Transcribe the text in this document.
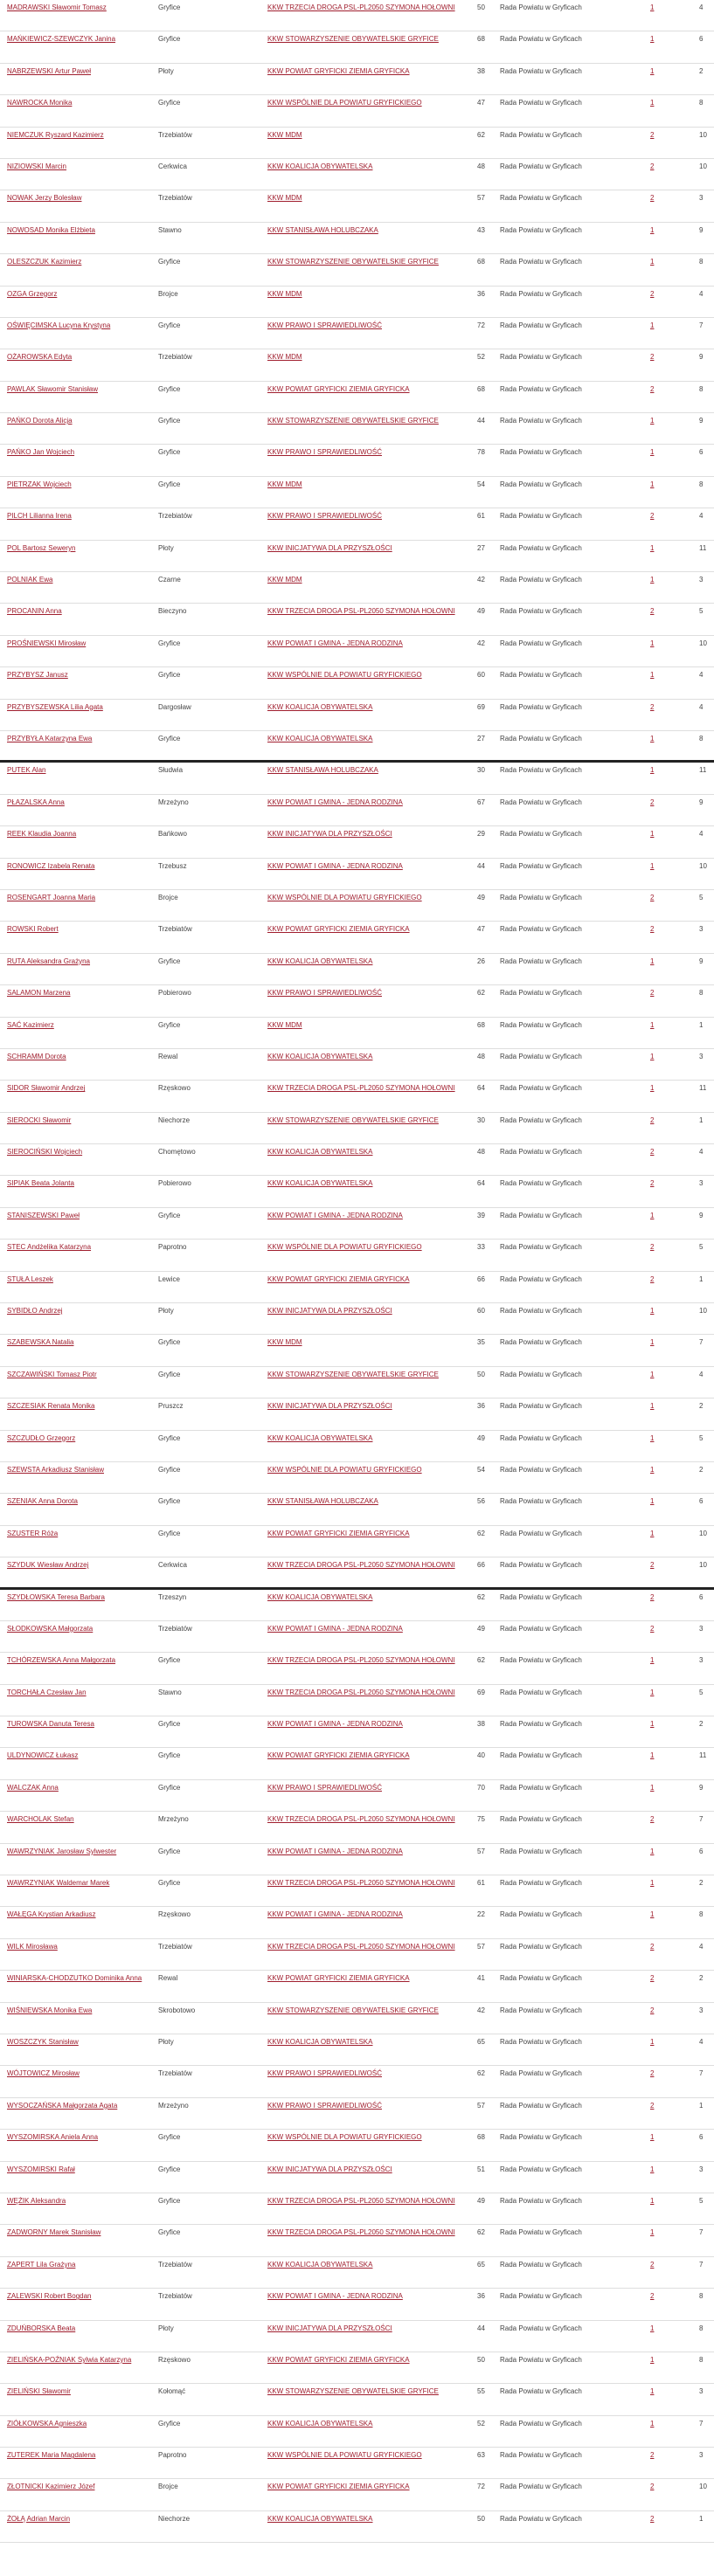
MADRAWSKI Sławomir Tomasz	Gryfice	KKW TRZECIA DROGA PSL-PL2050 SZYMONA HOŁOWNI	50	Rada Powiatu w Gryficach	1	4
MAŃKIEWICZ-SZEWCZYK Janina	Gryfice	KKW STOWARZYSZENIE OBYWATELSKIE GRYFICE	68	Rada Powiatu w Gryficach	1	6
NABRZEWSKI Artur Paweł	Płoty	KKW POWIAT GRYFICKI ZIEMIA GRYFICKA	38	Rada Powiatu w Gryficach	1	2
NAWROCKA Monika	Gryfice	KKW WSPÓLNIE DLA POWIATU GRYFICKIEGO	47	Rada Powiatu w Gryficach	1	8
NIEMCZUK Ryszard Kazimierz	Trzebiatów	KKW MDM	62	Rada Powiatu w Gryficach	2	10
NIZIOWSKI Marcin	Cerkwica	KKW KOALICJA OBYWATELSKA	48	Rada Powiatu w Gryficach	2	10
NOWAK Jerzy Bolesław	Trzebiatów	KKW MDM	57	Rada Powiatu w Gryficach	2	3
NOWOSAD Monika Elżbieta	Stawno	KKW STANISŁAWA HOLUBCZAKA	43	Rada Powiatu w Gryficach	1	9
OLESZCZUK Kazimierz	Gryfice	KKW STOWARZYSZENIE OBYWATELSKIE GRYFICE	68	Rada Powiatu w Gryficach	1	8
OZGA Grzegorz	Brojce	KKW MDM	36	Rada Powiatu w Gryficach	2	4
OŚWIĘCIMSKA Lucyna Krystyna	Gryfice	KKW PRAWO I SPRAWIEDLIWOŚĆ	72	Rada Powiatu w Gryficach	1	7
OŻAROWSKA Edyta	Trzebiatów	KKW MDM	52	Rada Powiatu w Gryficach	2	9
PAWLAK Sławomir Stanisław	Gryfice	KKW POWIAT GRYFICKI ZIEMIA GRYFICKA	68	Rada Powiatu w Gryficach	2	8
PAŃKO Dorota Alicja	Gryfice	KKW STOWARZYSZENIE OBYWATELSKIE GRYFICE	44	Rada Powiatu w Gryficach	1	9
PAŃKO Jan Wojciech	Gryfice	KKW PRAWO I SPRAWIEDLIWOŚĆ	78	Rada Powiatu w Gryficach	1	6
PIETRZAK Wojciech	Gryfice	KKW MDM	54	Rada Powiatu w Gryficach	1	8
PILCH Lilianna Irena	Trzebiatów	KKW PRAWO I SPRAWIEDLIWOŚĆ	61	Rada Powiatu w Gryficach	2	4
POL Bartosz Seweryn	Płoty	KKW INICJATYWA DLA PRZYSZŁOŚCI	27	Rada Powiatu w Gryficach	1	11
POLNIAK Ewa	Czarne	KKW MDM	42	Rada Powiatu w Gryficach	1	3
PROCANIN Anna	Bieczyno	KKW TRZECIA DROGA PSL-PL2050 SZYMONA HOŁOWNI	49	Rada Powiatu w Gryficach	2	5
PROŚNIEWSKI Mirosław	Gryfice	KKW POWIAT I GMINA - JEDNA RODZINA	42	Rada Powiatu w Gryficach	1	10
PRZYBYSZ Janusz	Gryfice	KKW WSPÓLNIE DLA POWIATU GRYFICKIEGO	60	Rada Powiatu w Gryficach	1	4
PRZYBYSZEWSKA Lilia Agata	Dargosław	KKW KOALICJA OBYWATELSKA	69	Rada Powiatu w Gryficach	2	4
PRZYBYŁA Katarzyna Ewa	Gryfice	KKW KOALICJA OBYWATELSKA	27	Rada Powiatu w Gryficach	1	8
PUTEK Alan	Słudwia	KKW STANISŁAWA HOLUBCZAKA	30	Rada Powiatu w Gryficach	1	11
PŁAZALSKA Anna	Mrzeżyno	KKW POWIAT I GMINA - JEDNA RODZINA	67	Rada Powiatu w Gryficach	2	9
REEK Klaudia Joanna	Bańkowo	KKW INICJATYWA DLA PRZYSZŁOŚCI	29	Rada Powiatu w Gryficach	1	4
RONOWICZ Izabela Renata	Trzebusz	KKW POWIAT I GMINA - JEDNA RODZINA	44	Rada Powiatu w Gryficach	1	10
ROSENGART Joanna Maria	Brojce	KKW WSPÓLNIE DLA POWIATU GRYFICKIEGO	49	Rada Powiatu w Gryficach	2	5
ROWSKI Robert	Trzebiatów	KKW POWIAT GRYFICKI ZIEMIA GRYFICKA	47	Rada Powiatu w Gryficach	2	3
RUTA Aleksandra Grażyna	Gryfice	KKW KOALICJA OBYWATELSKA	26	Rada Powiatu w Gryficach	1	9
SALAMON Marzena	Pobierowo	KKW PRAWO I SPRAWIEDLIWOŚĆ	62	Rada Powiatu w Gryficach	2	8
SAĆ Kazimierz	Gryfice	KKW MDM	68	Rada Powiatu w Gryficach	1	1
SCHRAMM Dorota	Rewal	KKW KOALICJA OBYWATELSKA	48	Rada Powiatu w Gryficach	1	3
SIDOR Sławomir Andrzej	Rzęskowo	KKW TRZECIA DROGA PSL-PL2050 SZYMONA HOŁOWNI	64	Rada Powiatu w Gryficach	1	11
SIEROCKI Sławomir	Niechorze	KKW STOWARZYSZENIE OBYWATELSKIE GRYFICE	30	Rada Powiatu w Gryficach	2	1
SIEROCIŃSKI Wojciech	Chomętowo	KKW KOALICJA OBYWATELSKA	48	Rada Powiatu w Gryficach	2	4
SIPIAK Beata Jolanta	Pobierowo	KKW KOALICJA OBYWATELSKA	64	Rada Powiatu w Gryficach	2	3
STANISZEWSKI Paweł	Gryfice	KKW POWIAT I GMINA - JEDNA RODZINA	39	Rada Powiatu w Gryficach	1	9
STEC Andżelika Katarzyna	Paprotno	KKW WSPÓLNIE DLA POWIATU GRYFICKIEGO	33	Rada Powiatu w Gryficach	2	5
STUŁA Leszek	Lewice	KKW POWIAT GRYFICKI ZIEMIA GRYFICKA	66	Rada Powiatu w Gryficach	2	1
SYBIDŁO Andrzej	Płoty	KKW INICJATYWA DLA PRZYSZŁOŚCI	60	Rada Powiatu w Gryficach	1	10
SZABEWSKA Natalia	Gryfice	KKW MDM	35	Rada Powiatu w Gryficach	1	7
SZCZAWIŃSKI Tomasz Piotr	Gryfice	KKW STOWARZYSZENIE OBYWATELSKIE GRYFICE	50	Rada Powiatu w Gryficach	1	4
SZCZESIAK Renata Monika	Pruszcz	KKW INICJATYWA DLA PRZYSZŁOŚCI	36	Rada Powiatu w Gryficach	1	2
SZCZUDŁO Grzegorz	Gryfice	KKW KOALICJA OBYWATELSKA	49	Rada Powiatu w Gryficach	1	5
SZEWSTA Arkadiusz Stanisław	Gryfice	KKW WSPÓLNIE DLA POWIATU GRYFICKIEGO	54	Rada Powiatu w Gryficach	1	2
SZENIAK Anna Dorota	Gryfice	KKW STANISŁAWA HOLUBCZAKA	56	Rada Powiatu w Gryficach	1	6
SZUSTER Róża	Gryfice	KKW POWIAT GRYFICKI ZIEMIA GRYFICKA	62	Rada Powiatu w Gryficach	1	10
SZYDUK Wiesław Andrzej	Cerkwica	KKW TRZECIA DROGA PSL-PL2050 SZYMONA HOŁOWNI	66	Rada Powiatu w Gryficach	2	10
SZYDŁOWSKA Teresa Barbara	Trzeszyn	KKW KOALICJA OBYWATELSKA	62	Rada Powiatu w Gryficach	2	6
SŁODKOWSKA Małgorzata	Trzebiatów	KKW POWIAT I GMINA - JEDNA RODZINA	49	Rada Powiatu w Gryficach	2	3
TCHÓRZEWSKA Anna Małgorzata	Gryfice	KKW TRZECIA DROGA PSL-PL2050 SZYMONA HOŁOWNI	62	Rada Powiatu w Gryficach	1	3
TORCHAŁA Czesław Jan	Stawno	KKW TRZECIA DROGA PSL-PL2050 SZYMONA HOŁOWNI	69	Rada Powiatu w Gryficach	1	5
TUROWSKA Danuta Teresa	Gryfice	KKW POWIAT I GMINA - JEDNA RODZINA	38	Rada Powiatu w Gryficach	1	2
ULDYNOWICZ Łukasz	Gryfice	KKW POWIAT GRYFICKI ZIEMIA GRYFICKA	40	Rada Powiatu w Gryficach	1	11
WALCZAK Anna	Gryfice	KKW PRAWO I SPRAWIEDLIWOŚĆ	70	Rada Powiatu w Gryficach	1	9
WARCHOLAK Stefan	Mrzeżyno	KKW TRZECIA DROGA PSL-PL2050 SZYMONA HOŁOWNI	75	Rada Powiatu w Gryficach	2	7
WAWRZYNIAK Jarosław Sylwester	Gryfice	KKW POWIAT I GMINA - JEDNA RODZINA	57	Rada Powiatu w Gryficach	1	6
WAWRZYNIAK Waldemar Marek	Gryfice	KKW TRZECIA DROGA PSL-PL2050 SZYMONA HOŁOWNI	61	Rada Powiatu w Gryficach	1	2
WAŁĘGA Krystian Arkadiusz	Rzęskowo	KKW POWIAT I GMINA - JEDNA RODZINA	22	Rada Powiatu w Gryficach	1	8
WILK Mirosława	Trzebiatów	KKW TRZECIA DROGA PSL-PL2050 SZYMONA HOŁOWNI	57	Rada Powiatu w Gryficach	2	4
WINIARSKA-CHODZUTKO Dominika Anna	Rewal	KKW POWIAT GRYFICKI ZIEMIA GRYFICKA	41	Rada Powiatu w Gryficach	2	2
WIŚNIEWSKA Monika Ewa	Skrobotowo	KKW STOWARZYSZENIE OBYWATELSKIE GRYFICE	42	Rada Powiatu w Gryficach	2	3
WOSZCZYK Stanisław	Płoty	KKW KOALICJA OBYWATELSKA	65	Rada Powiatu w Gryficach	1	4
WÓJTOWICZ Mirosław	Trzebiatów	KKW PRAWO I SPRAWIEDLIWOŚĆ	62	Rada Powiatu w Gryficach	2	7
WYSOCZAŃSKA Małgorzata Agata	Mrzeżyno	KKW PRAWO I SPRAWIEDLIWOŚĆ	57	Rada Powiatu w Gryficach	2	1
WYSZOMIRSKA Aniela Anna	Gryfice	KKW WSPÓLNIE DLA POWIATU GRYFICKIEGO	68	Rada Powiatu w Gryficach	1	6
WYSZOMIRSKI Rafał	Gryfice	KKW INICJATYWA DLA PRZYSZŁOŚCI	51	Rada Powiatu w Gryficach	1	3
WĘŻIK Aleksandra	Gryfice	KKW TRZECIA DROGA PSL-PL2050 SZYMONA HOŁOWNI	49	Rada Powiatu w Gryficach	1	5
ZADWORNY Marek Stanisław	Gryfice	KKW TRZECIA DROGA PSL-PL2050 SZYMONA HOŁOWNI	62	Rada Powiatu w Gryficach	1	7
ZAPERT Lila Grażyna	Trzebiatów	KKW KOALICJA OBYWATELSKA	65	Rada Powiatu w Gryficach	2	7
ZALEWSKI Robert Bogdan	Trzebiatów	KKW POWIAT I GMINA - JEDNA RODZINA	36	Rada Powiatu w Gryficach	2	8
ZDUŃBORSKA Beata	Płoty	KKW INICJATYWA DLA PRZYSZŁOŚCI	44	Rada Powiatu w Gryficach	1	8
ZIELIŃSKA-POŹNIAK Sylwia Katarzyna	Rzęskowo	KKW POWIAT GRYFICKI ZIEMIA GRYFICKA	50	Rada Powiatu w Gryficach	1	8
ZIELIŃSKI Sławomir	Kołomąć	KKW STOWARZYSZENIE OBYWATELSKIE GRYFICE	55	Rada Powiatu w Gryficach	1	3
ZIÓŁKOWSKA Agnieszka	Gryfice	KKW KOALICJA OBYWATELSKA	52	Rada Powiatu w Gryficach	1	7
ZUTEREK Maria Magdalena	Paprotno	KKW WSPÓLNIE DLA POWIATU GRYFICKIEGO	63	Rada Powiatu w Gryficach	2	3
ZŁOTNICKI Kazimierz Józef	Brojce	KKW POWIAT GRYFICKI ZIEMIA GRYFICKA	72	Rada Powiatu w Gryficach	2	10
ŻOŁĄ Adrian Marcin	Niechorze	KKW KOALICJA OBYWATELSKA	50	Rada Powiatu w Gryficach	2	1
